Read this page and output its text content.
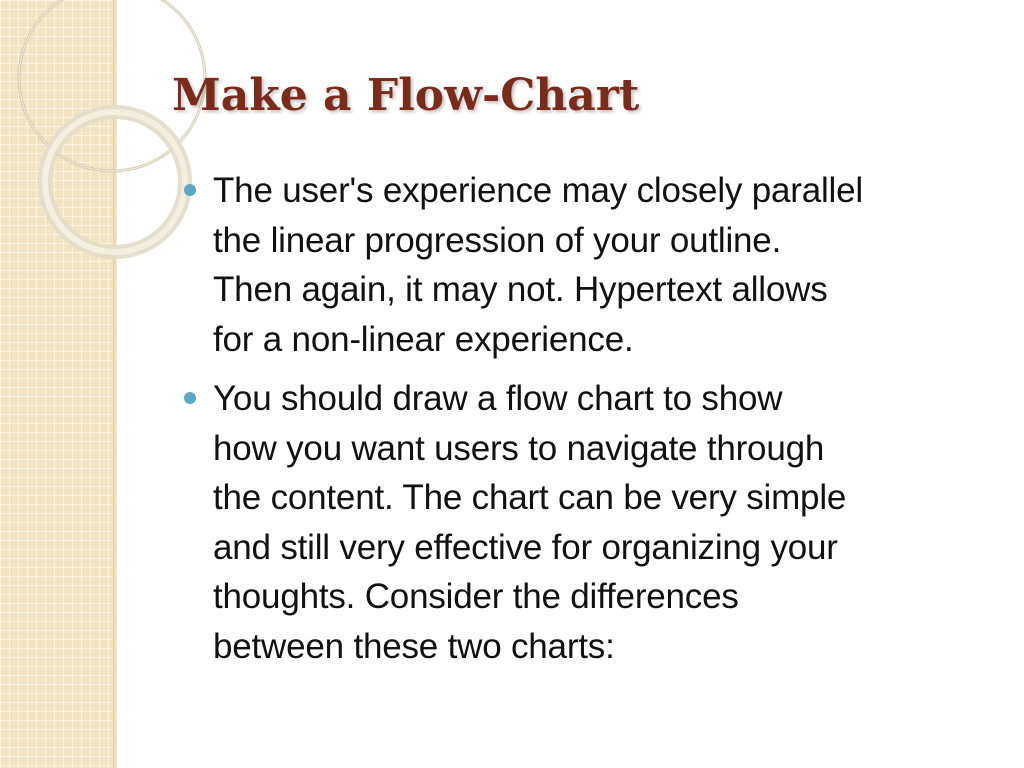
Make a Flow-Chart
The user's experience may closely parallel
the linear progression of your outline.
Then again, it may not. Hypertext allows
for a non-linear experience.
You should draw a flow chart to show
how you want users to navigate through
the content. The chart can be very simple
and still very effective for organizing your
thoughts. Consider the differences
between these two charts:
